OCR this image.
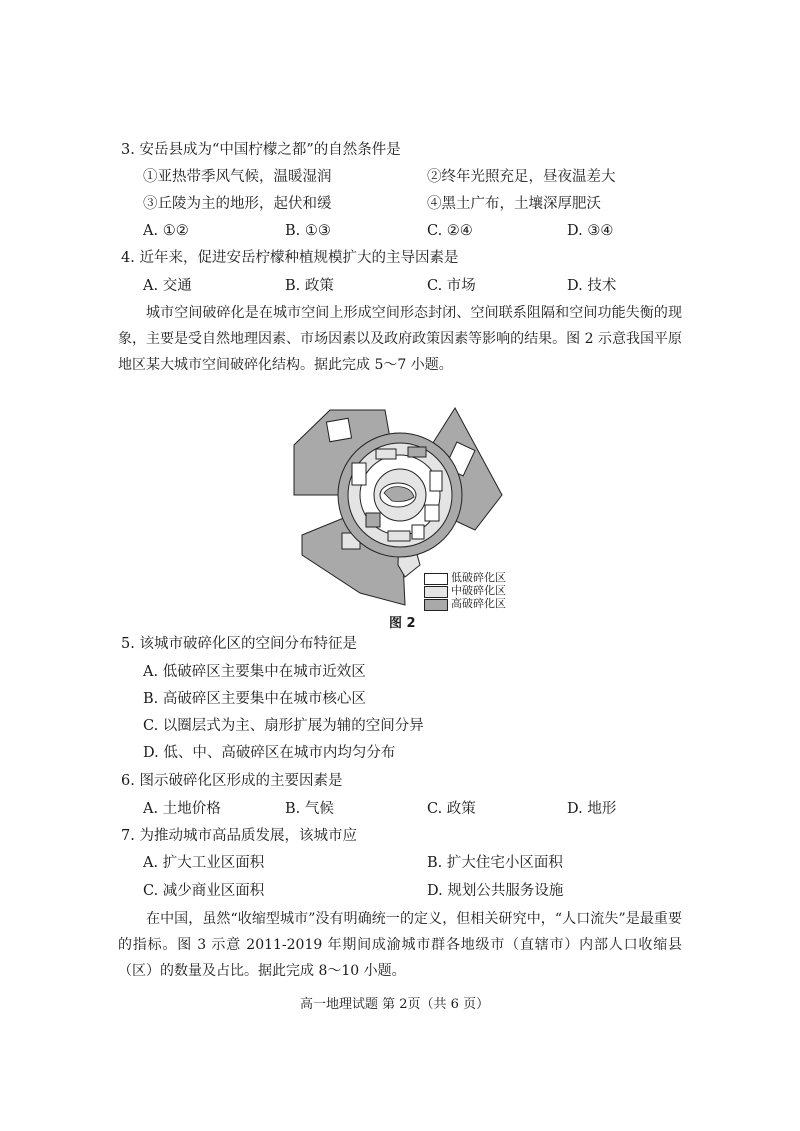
3. 安岳县成为“中国柠檬之都”的自然条件是
①亚热带季风气候，温暖湿润	②终年光照充足，昼夜温差大
③丘陵为主的地形，起伏和缓	④黑土广布，土壤深厚肥沃
A. ①②	B. ①③	C. ②④	D. ③④
4. 近年来，促进安岳柠檬种植规模扩大的主导因素是
A. 交通	B. 政策	C. 市场	D. 技术
城市空间破碎化是在城市空间上形成空间形态封闭、空间联系阻隔和空间功能失衡的现象，主要是受自然地理因素、市场因素以及政府政策因素等影响的结果。图 2 示意我国平原地区某大城市空间破碎化结构。据此完成 5～7 小题。
低破碎化区
中破碎化区
高破碎化区
图 2
5. 该城市破碎化区的空间分布特征是
A. 低破碎区主要集中在城市近效区
B. 高破碎区主要集中在城市核心区
C. 以圈层式为主、扇形扩展为辅的空间分异
D. 低、中、高破碎区在城市内均匀分布
6. 图示破碎化区形成的主要因素是
A. 土地价格	B. 气候	C. 政策	D. 地形
7. 为推动城市高品质发展，该城市应
A. 扩大工业区面积	B. 扩大住宅小区面积
C. 减少商业区面积	D. 规划公共服务设施
在中国，虽然“收缩型城市”没有明确统一的定义，但相关研究中，“人口流失”是最重要的指标。图 3 示意 2011-2019 年期间成渝城市群各地级市（直辖市）内部人口收缩县（区）的数量及占比。据此完成 8～10 小题。
高一地理试题 第 2页（共 6 页）
